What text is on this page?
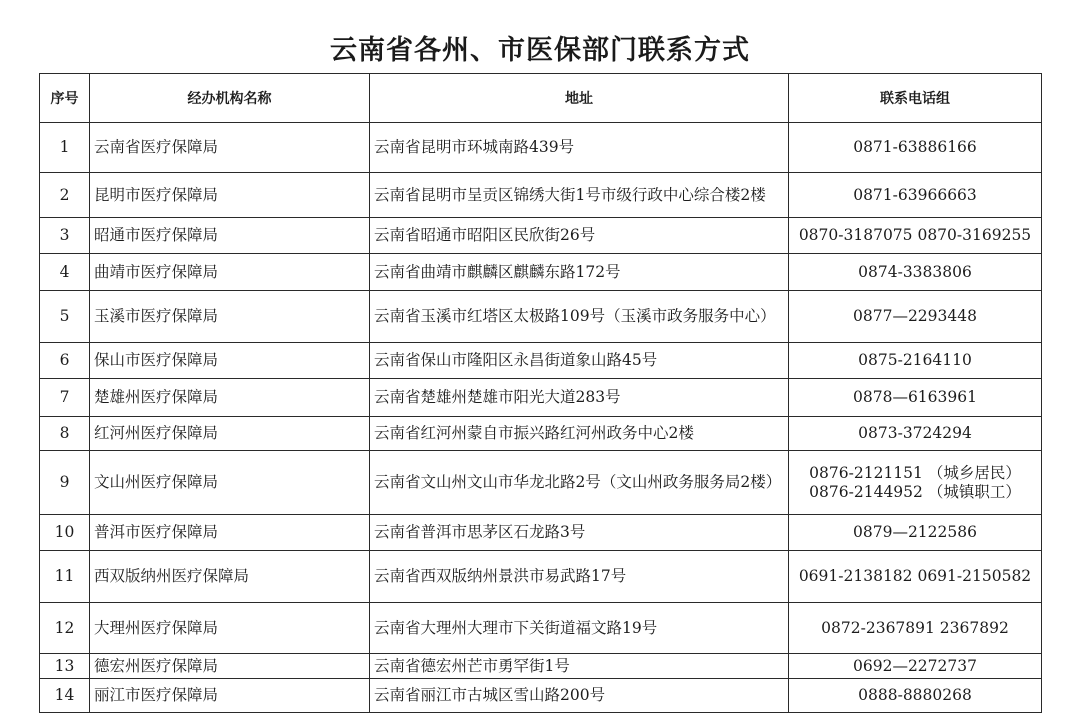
云南省各州、市医保部门联系方式
序号	经办机构名称	地址	联系电话组
1	云南省医疗保障局	云南省昆明市环城南路439号	0871-63886166
2	昆明市医疗保障局	云南省昆明市呈贡区锦绣大街1号市级行政中心综合楼2楼	0871-63966663
3	昭通市医疗保障局	云南省昭通市昭阳区民欣街26号	0870-3187075 0870-3169255
4	曲靖市医疗保障局	云南省曲靖市麒麟区麒麟东路172号	0874-3383806
5	玉溪市医疗保障局	云南省玉溪市红塔区太极路109号（玉溪市政务服务中心）	0877—2293448
6	保山市医疗保障局	云南省保山市隆阳区永昌街道象山路45号	0875-2164110
7	楚雄州医疗保障局	云南省楚雄州楚雄市阳光大道283号	0878—6163961
8	红河州医疗保障局	云南省红河州蒙自市振兴路红河州政务中心2楼	0873-3724294
9	文山州医疗保障局	云南省文山州文山市华龙北路2号（文山州政务服务局2楼）	0876-2121151 （城乡居民）
0876-2144952 （城镇职工）

10	普洱市医疗保障局	云南省普洱市思茅区石龙路3号	0879—2122586
11	西双版纳州医疗保障局	云南省西双版纳州景洪市易武路17号	0691-2138182 0691-2150582
12	大理州医疗保障局	云南省大理州大理市下关街道福文路19号	0872-2367891 2367892
13	德宏州医疗保障局	云南省德宏州芒市勇罕街1号	0692—2272737
14	丽江市医疗保障局	云南省丽江市古城区雪山路200号	0888-8880268
